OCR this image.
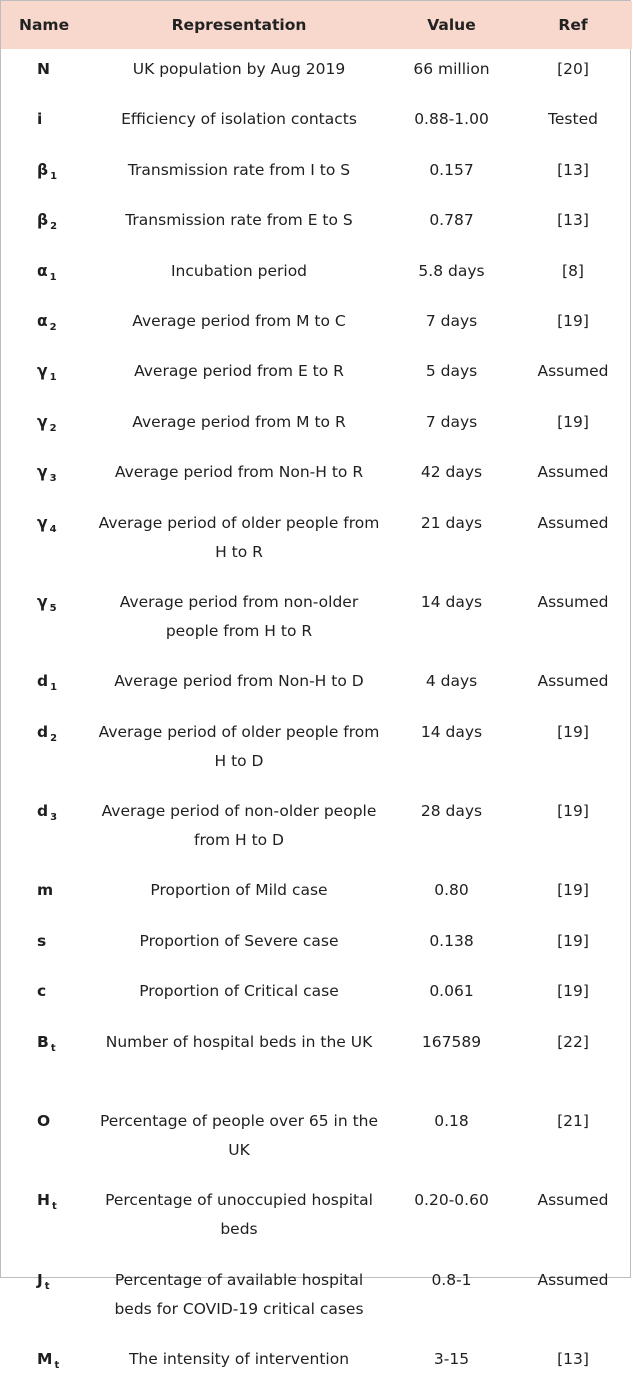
Name	Representation	Value	Ref
N	UK population by Aug 2019	66 million	[20]
i	Efficiency of isolation contacts	0.88-1.00	Tested
β $_1$	Transmission rate from I to S	0.157	[13]
β $_2$	Transmission rate from E to S	0.787	[13]
α $_1$	Incubation period	5.8 days	[8]
α $_2$	Average period from M to C	7 days	[19]
γ $_1$	Average period from E to R	5 days	Assumed
γ $_2$	Average period from M to R	7 days	[19]
γ $_3$	Average period from Non-H to R	42 days	Assumed
γ $_4$	Average period of older people from H to R	21 days	Assumed
γ $_5$	Average period from non-older people from H to R	14 days	Assumed
d $_1$	Average period from Non-H to D	4 days	Assumed
d $_2$	Average period of older people from H to D	14 days	[19]
d $_3$	Average period of non-older people from H to D	28 days	[19]
m	Proportion of Mild case	0.80	[19]
s	Proportion of Severe case	0.138	[19]
c	Proportion of Critical case	0.061	[19]
B $_t$	Number of hospital beds in the UK	167589	[22]
O	Percentage of people over 65 in the UK	0.18	[21]
H $_t$	Percentage of unoccupied hospital beds	0.20-0.60	Assumed
J $_t$	Percentage of available hospital beds for COVID-19 critical cases	0.8-1	Assumed
M $_t$	The intensity of intervention	3-15	[13]
